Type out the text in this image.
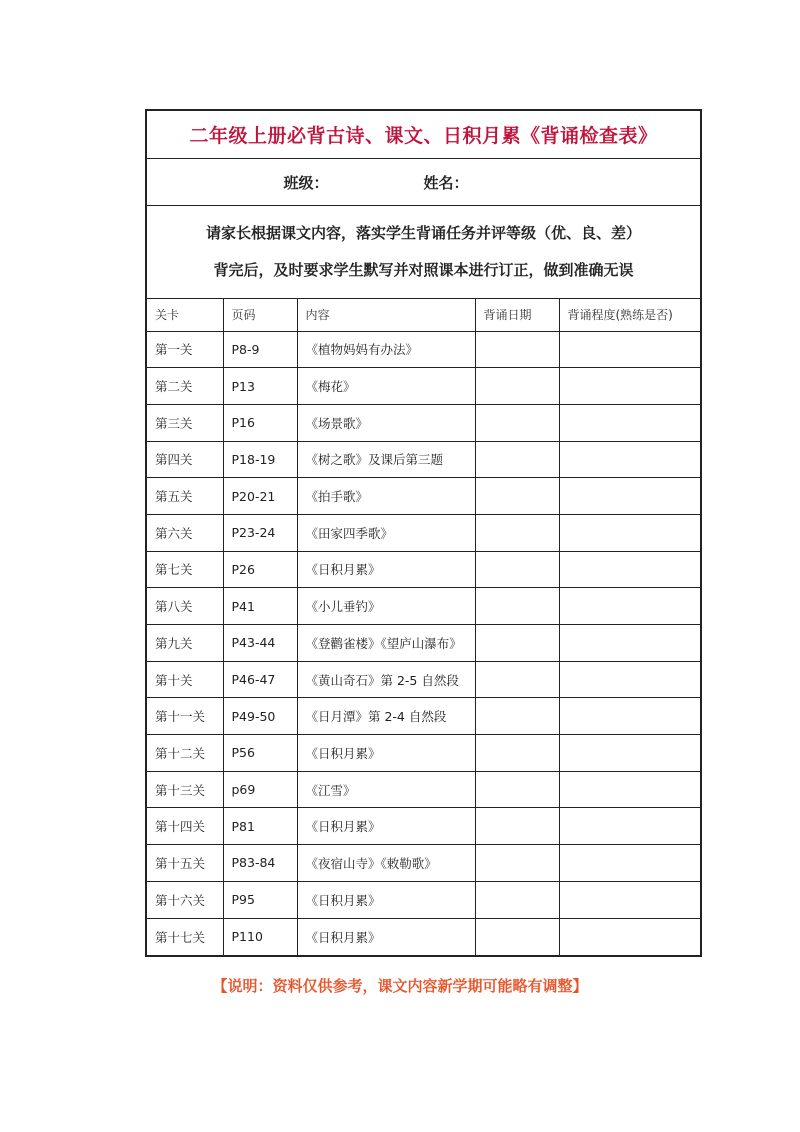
二年级上册必背古诗、课文、日积月累《背诵检查表》
班级：	姓名：
请家长根据课文内容，落实学生背诵任务并评等级（优、良、差）
背完后，及时要求学生默写并对照课本进行订正，做到准确无误
关卡	页码	内容	背诵日期	背诵程度(熟练是否)
第一关	P8-9	《植物妈妈有办法》		
第二关	P13	《梅花》		
第三关	P16	《场景歌》		
第四关	P18-19	《树之歌》及课后第三题		
第五关	P20-21	《拍手歌》		
第六关	P23-24	《田家四季歌》		
第七关	P26	《日积月累》		
第八关	P41	《小儿垂钓》		
第九关	P43-44	《登鹳雀楼》《望庐山瀑布》		
第十关	P46-47	《黄山奇石》第 2-5 自然段		
第十一关	P49-50	《日月潭》第 2-4 自然段		
第十二关	P56	《日积月累》		
第十三关	p69	《江雪》		
第十四关	P81	《日积月累》		
第十五关	P83-84	《夜宿山寺》《敕勒歌》		
第十六关	P95	《日积月累》		
第十七关	P110	《日积月累》		
【说明：资料仅供参考，课文内容新学期可能略有调整】
